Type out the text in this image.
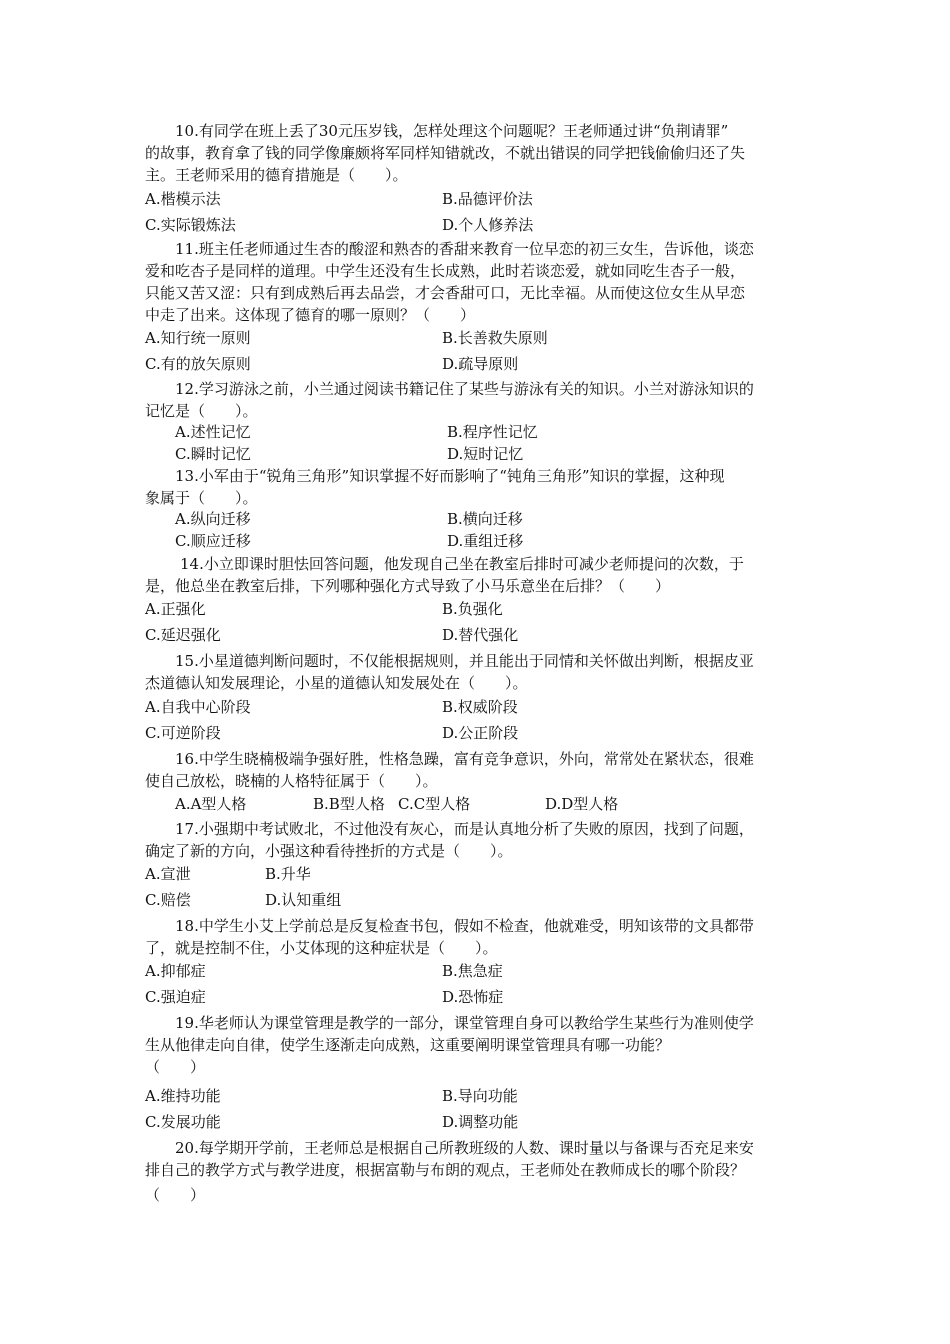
10.有同学在班上丢了30元压岁钱，怎样处理这个问题呢？王老师通过讲“负荆请罪”
的故事，教育拿了钱的同学像廉颇将军同样知错就改，不就出错误的同学把钱偷偷归还了失
主。王老师采用的德育措施是（　　）。
A.楷模示法	B.品德评价法
C.实际锻炼法	D.个人修养法
11.班主任老师通过生杏的酸涩和熟杏的香甜来教育一位早恋的初三女生，告诉他，谈恋
爱和吃杏子是同样的道理。中学生还没有生长成熟，此时若谈恋爱，就如同吃生杏子一般，
只能又苦又涩：只有到成熟后再去品尝，才会香甜可口，无比幸福。从而使这位女生从早恋
中走了出来。这体现了德育的哪一原则？（　　）
A.知行统一原则	B.长善救失原则
C.有的放矢原则	D.疏导原则
12.学习游泳之前，小兰通过阅读书籍记住了某些与游泳有关的知识。小兰对游泳知识的
记忆是（　　）。
A.述性记忆	B.程序性记忆
C.瞬时记忆	D.短时记忆
13.小军由于“锐角三角形”知识掌握不好而影响了“钝角三角形”知识的掌握，这种现
象属于（　　）。
A.纵向迁移	B.横向迁移
C.顺应迁移	D.重组迁移
14.小立即课时胆怯回答问题，他发现自己坐在教室后排时可减少老师提问的次数，于
是，他总坐在教室后排，下列哪种强化方式导致了小马乐意坐在后排？（　　）
A.正强化	B.负强化
C.延迟强化	D.替代强化
15.小星道德判断问题时，不仅能根据规则，并且能出于同情和关怀做出判断，根据皮亚
杰道德认知发展理论，小星的道德认知发展处在（　　）。
A.自我中心阶段	B.权威阶段
C.可逆阶段	D.公正阶段
16.中学生晓楠极端争强好胜，性格急躁，富有竞争意识，外向，常常处在紧状态，很难
使自己放松，晓楠的人格特征属于（　　）。
A.A型人格	B.B型人格 C.C型人格	D.D型人格
17.小强期中考试败北，不过他没有灰心，而是认真地分析了失败的原因，找到了问题，
确定了新的方向，小强这种看待挫折的方式是（　　）。
A.宣泄	B.升华
C.赔偿	D.认知重组
18.中学生小艾上学前总是反复检查书包，假如不检查，他就难受，明知该带的文具都带
了，就是控制不住，小艾体现的这种症状是（　　）。
A.抑郁症	B.焦急症
C.强迫症	D.恐怖症
19.华老师认为课堂管理是教学的一部分，课堂管理自身可以教给学生某些行为准则使学
生从他律走向自律，使学生逐渐走向成熟，这重要阐明课堂管理具有哪一功能？
（　　）
A.维持功能	B.导向功能
C.发展功能	D.调整功能
20.每学期开学前，王老师总是根据自己所教班级的人数、课时量以与备课与否充足来安
排自己的教学方式与教学进度，根据富勒与布朗的观点，王老师处在教师成长的哪个阶段？
（　　）
